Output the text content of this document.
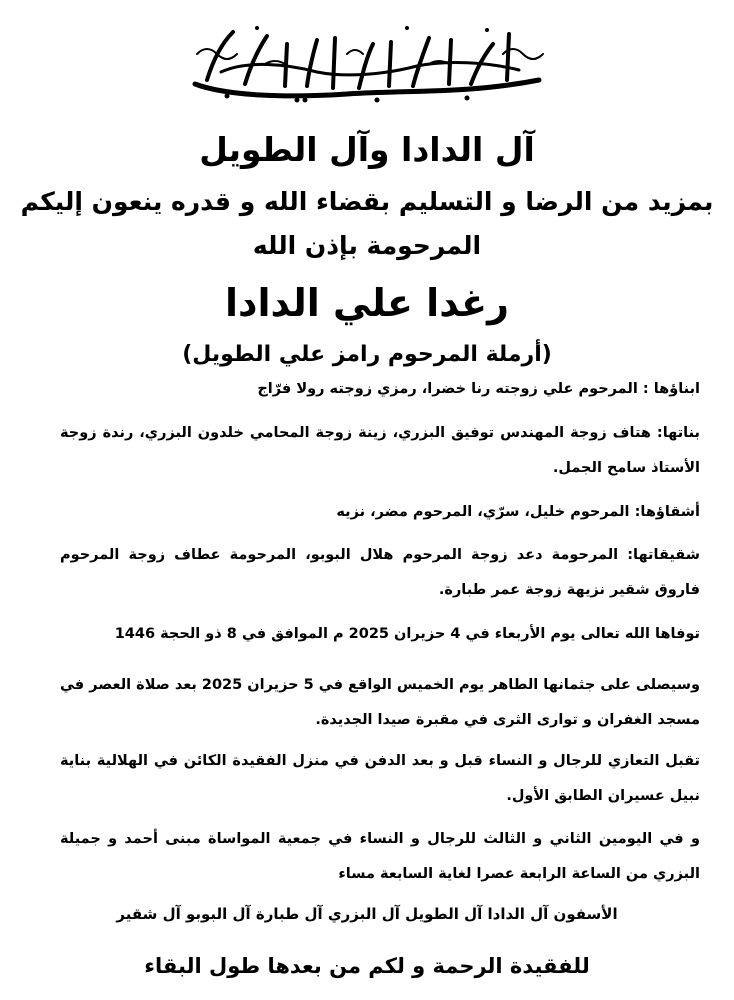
آل الدادا وآل الطويل
بمزيد من الرضا و التسليم بقضاء الله و قدره ينعون إليكم
المرحومة بإذن الله
رغدا علي الدادا
(أرملة المرحوم رامز علي الطويل)
ابناؤها : المرحوم علي زوجته رنا خضرا، رمزي زوجته رولا فرّاج
بناتها: هتاف زوجة المهندس توفيق البزري، زينة زوجة المحامي خلدون البزري، رندة زوجة الأستاذ سامح الجمل.
أشقاؤها: المرحوم خليل، سرّي، المرحوم مضر، نزيه
شقيقاتها: المرحومة دعد زوجة المرحوم هلال البوبو، المرحومة عطاف زوجة المرحوم فاروق شقير نزيهة زوجة عمر طبارة.
توفاها الله تعالى يوم الأربعاء في 4 حزيران 2025 م الموافق في 8 ذو الحجة 1446
وسيصلى على جثمانها الطاهر يوم الخميس الواقع في 5 حزيران 2025 بعد صلاة العصر في مسجد الغفران و توارى الثرى في مقبرة صيدا الجديدة.
تقبل التعازي للرجال و النساء قبل و بعد الدفن في منزل الفقيدة الكائن في الهلالية بناية نبيل عسيران الطابق الأول.
و في اليومين الثاني و الثالث للرجال و النساء في جمعية المواساة مبنى أحمد و جميلة البزري من الساعة الرابعة عصرا لغاية السابعة مساء
الأسفون آل الدادا آل الطويل آل البزري آل طبارة آل البوبو آل شقير
للفقيدة الرحمة و لكم من بعدها طول البقاء
